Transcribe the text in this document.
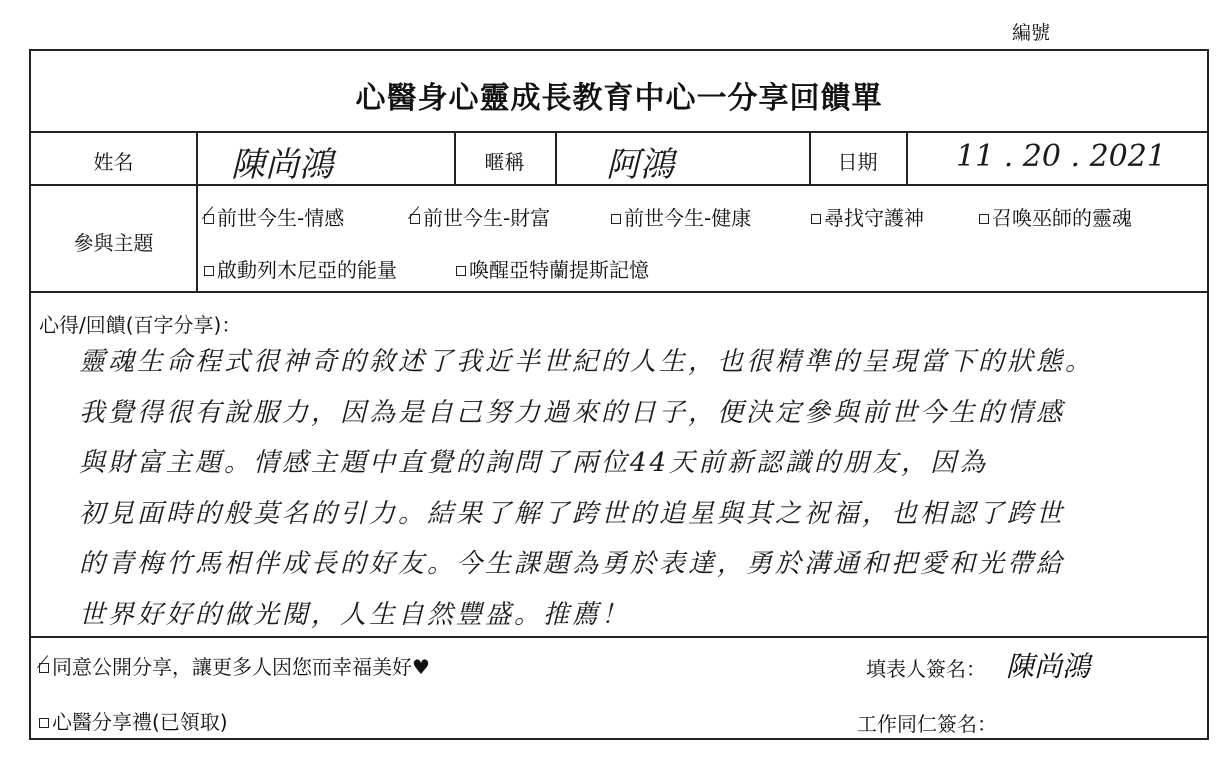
編號
心醫身心靈成長教育中心一分享回饋單
姓名	陳尚鴻	暱稱	阿鴻	日期	11 . 20 . 2021
參與主題
前世今生-情感	前世今生-財富	前世今生-健康	尋找守護神	召喚巫師的靈魂
啟動列木尼亞的能量	喚醒亞特蘭提斯記憶
心得/回饋(百字分享)：
靈魂生命程式很神奇的敘述了我近半世紀的人生，也很精準的呈現當下的狀態。
我覺得很有說服力，因為是自己努力過來的日子，便決定參與前世今生的情感
與財富主題。情感主題中直覺的詢問了兩位44天前新認識的朋友，因為
初見面時的般莫名的引力。結果了解了跨世的追星與其之祝福，也相認了跨世
的青梅竹馬相伴成長的好友。今生課題為勇於表達，勇於溝通和把愛和光帶給
世界好好的做光閱，人生自然豐盛。推薦！
同意公開分享，讓更多人因您而幸福美好♥
心醫分享禮(已領取)
填表人簽名： 陳尚鴻
工作同仁簽名：
